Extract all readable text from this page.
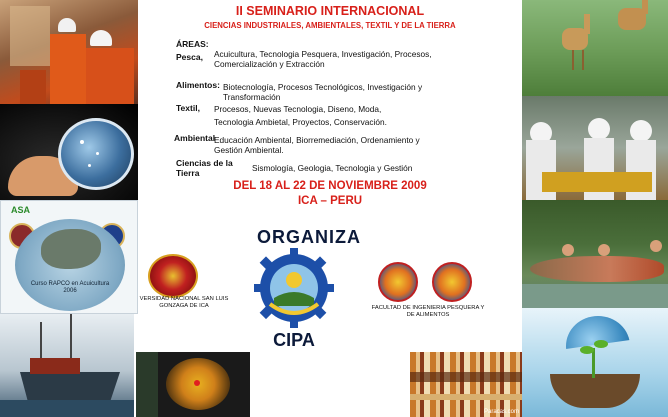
ASA
Curso RAPCO en Acuicultura 2006
Paracas.com
II SEMINARIO INTERNACIONAL
CIENCIAS INDUSTRIALES, AMBIENTALES, TEXTIL Y DE LA TIERRA
ÁREAS:
Pesca, Acuicultura, Tecnologia Pesquera, Investigación, Procesos,
Comercialización y Extracción
Alimentos: Biotecnología, Procesos Tecnológicos, Investigación y
Transformación
Textil, Procesos, Nuevas Tecnologia, Diseno, Moda,
Tecnologia Ambietal, Proyectos, Conservación.
Ambiental
Educación Ambiental, Biorremediación, Ordenamiento y
Gestión Ambiental.
Ciencias de la Tierra	Sismología, Geologia, Tecnologia y Gestión
DEL 18 AL 22 DE NOVIEMBRE 2009
ICA – PERU
ORGANIZA
VERSIDAD NACIONAL SAN LUIS GONZAGA DE ICA
CIPA
FACULTAD DE INGENIERIA PESQUERA Y DE ALIMENTOS
